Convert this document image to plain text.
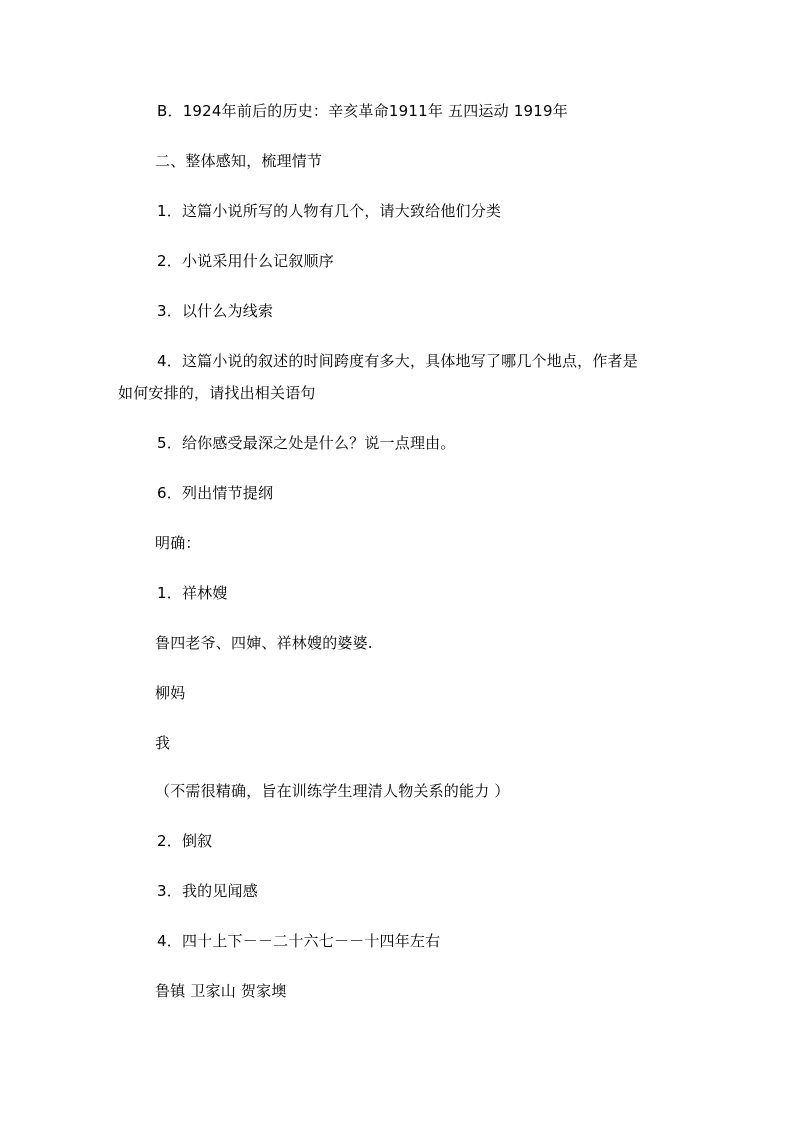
B．1924年前后的历史：辛亥革命1911年 五四运动 1919年
二、整体感知，梳理情节
1．这篇小说所写的人物有几个，请大致给他们分类
2．小说采用什么记叙顺序
3．以什么为线索
4．这篇小说的叙述的时间跨度有多大，具体地写了哪几个地点，作者是
如何安排的，请找出相关语句
5．给你感受最深之处是什么？说一点理由。
6．列出情节提纲
明确：
1．祥林嫂
鲁四老爷、四婶、祥林嫂的婆婆.
柳妈
我
（不需很精确，旨在训练学生理清人物关系的能力 ）
2．倒叙
3．我的见闻感
4．四十上下－－二十六七－－十四年左右
鲁镇 卫家山 贺家墺
